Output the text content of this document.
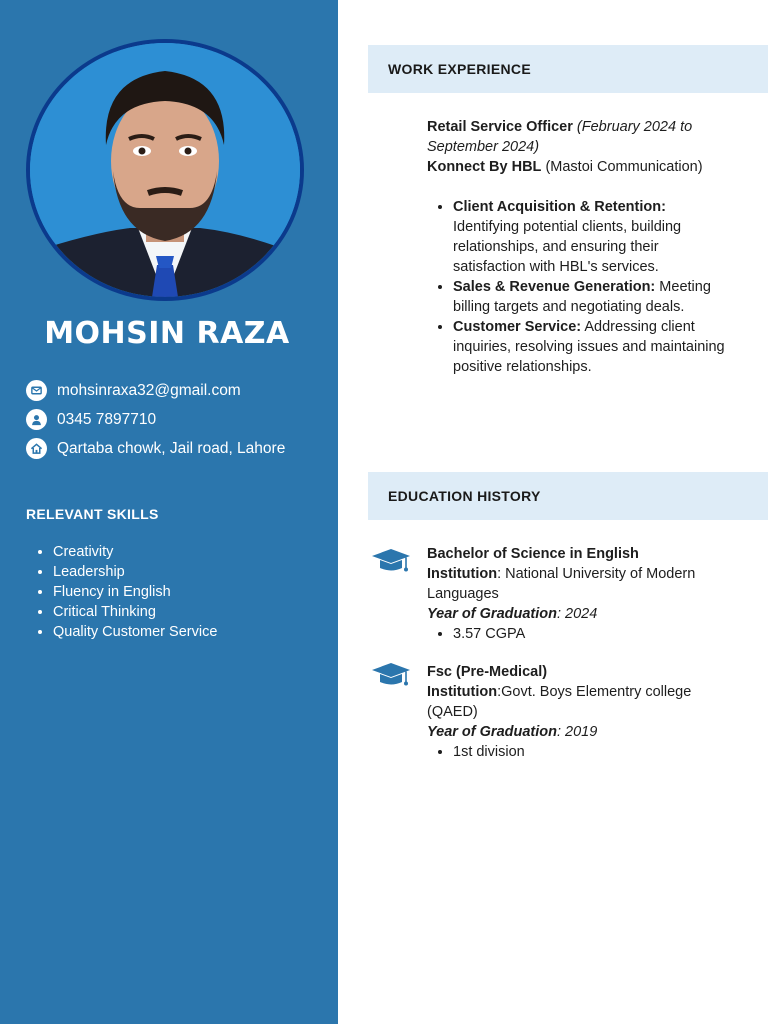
MOHSIN RAZA
mohsinraxa32@gmail.com
0345 7897710
Qartaba chowk, Jail road, Lahore
RELEVANT SKILLS
• Creativity
• Leadership
• Fluency in English
• Critical Thinking
• Quality Customer Service
WORK EXPERIENCE
Retail Service Officer (February 2024 to September 2024)
Konnect By HBL (Mastoi Communication)
• Client Acquisition & Retention: Identifying potential clients, building relationships, and ensuring their satisfaction with HBL's services.
• Sales & Revenue Generation: Meeting billing targets and negotiating deals.
• Customer Service: Addressing client inquiries, resolving issues and maintaining positive relationships.
EDUCATION HISTORY
Bachelor of Science in English
Institution: National University of Modern Languages
Year of Graduation: 2024
• 3.57 CGPA
Fsc (Pre-Medical)
Institution:Govt. Boys Elementry college (QAED)
Year of Graduation: 2019
• 1st division
